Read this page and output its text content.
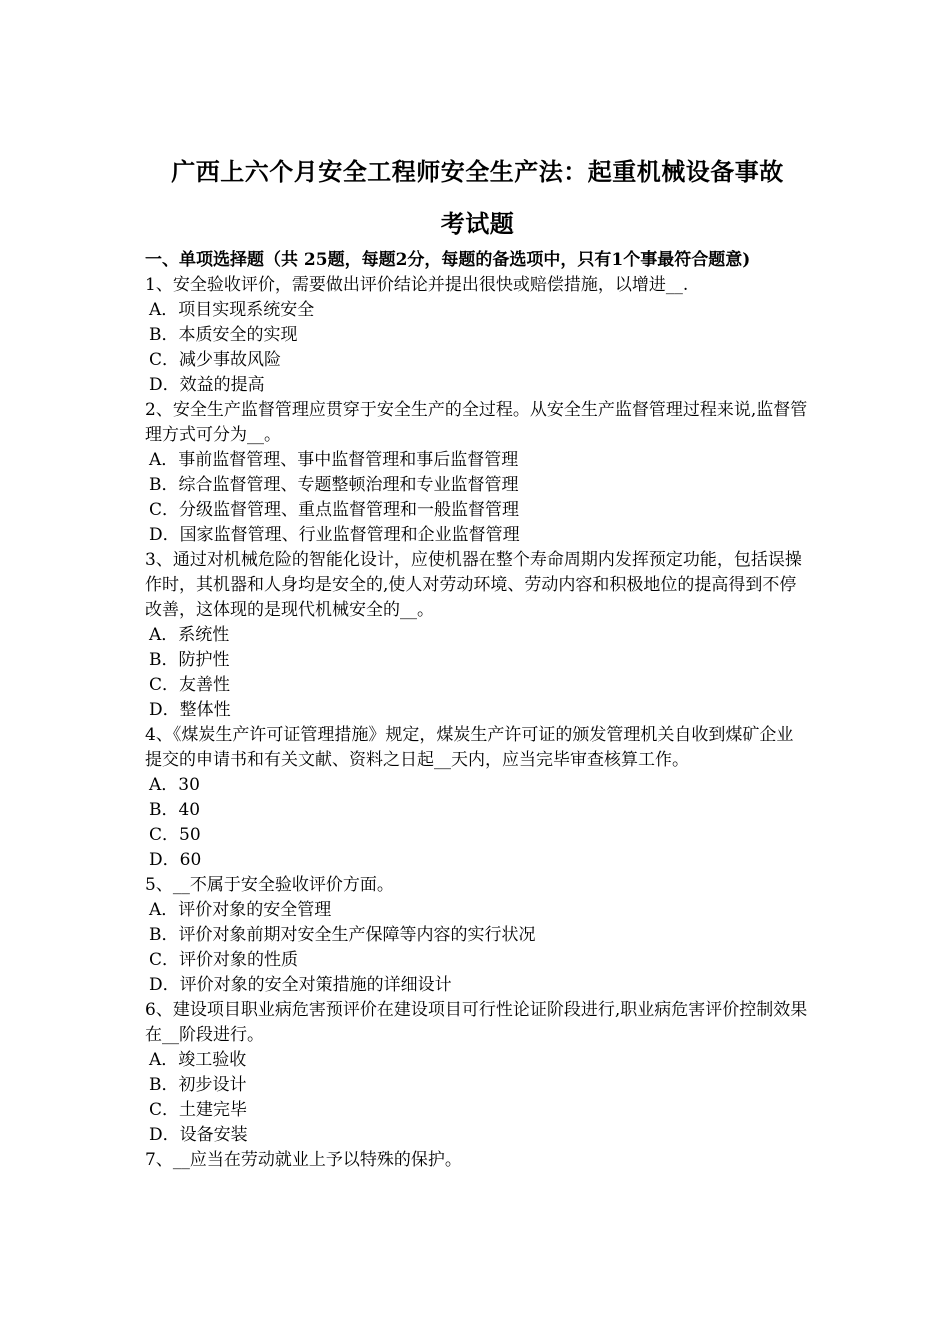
广西上六个月安全工程师安全生产法：起重机械设备事故
考试题

一、单项选择题（共 25题，每题2分，每题的备选项中，只有1个事最符合题意)

1、安全验收评价，需要做出评价结论并提出很快或赔偿措施，以增进__.

A．项目实现系统安全

B．本质安全的实现

C．减少事故风险

D．效益的提高

2、安全生产监督管理应贯穿于安全生产的全过程。从安全生产监督管理过程来说,监督管理方式可分为__。

A．事前监督管理、事中监督管理和事后监督管理

B．综合监督管理、专题整顿治理和专业监督管理

C．分级监督管理、重点监督管理和一般监督管理

D．国家监督管理、行业监督管理和企业监督管理

3、通过对机械危险的智能化设计，应使机器在整个寿命周期内发挥预定功能，包括误操作时，其机器和人身均是安全的,使人对劳动环境、劳动内容和积极地位的提高得到不停改善，这体现的是现代机械安全的__。

A．系统性

B．防护性

C．友善性

D．整体性

4、《煤炭生产许可证管理措施》规定，煤炭生产许可证的颁发管理机关自收到煤矿企业提交的申请书和有关文献、资料之日起__天内，应当完毕审查核算工作。

A．30

B．40

C．50

D．60

5、__不属于安全验收评价方面。

A．评价对象的安全管理

B．评价对象前期对安全生产保障等内容的实行状况

C．评价对象的性质

D．评价对象的安全对策措施的详细设计

6、建设项目职业病危害预评价在建设项目可行性论证阶段进行,职业病危害评价控制效果在__阶段进行。

A．竣工验收

B．初步设计

C．土建完毕

D．设备安装

7、__应当在劳动就业上予以特殊的保护。
